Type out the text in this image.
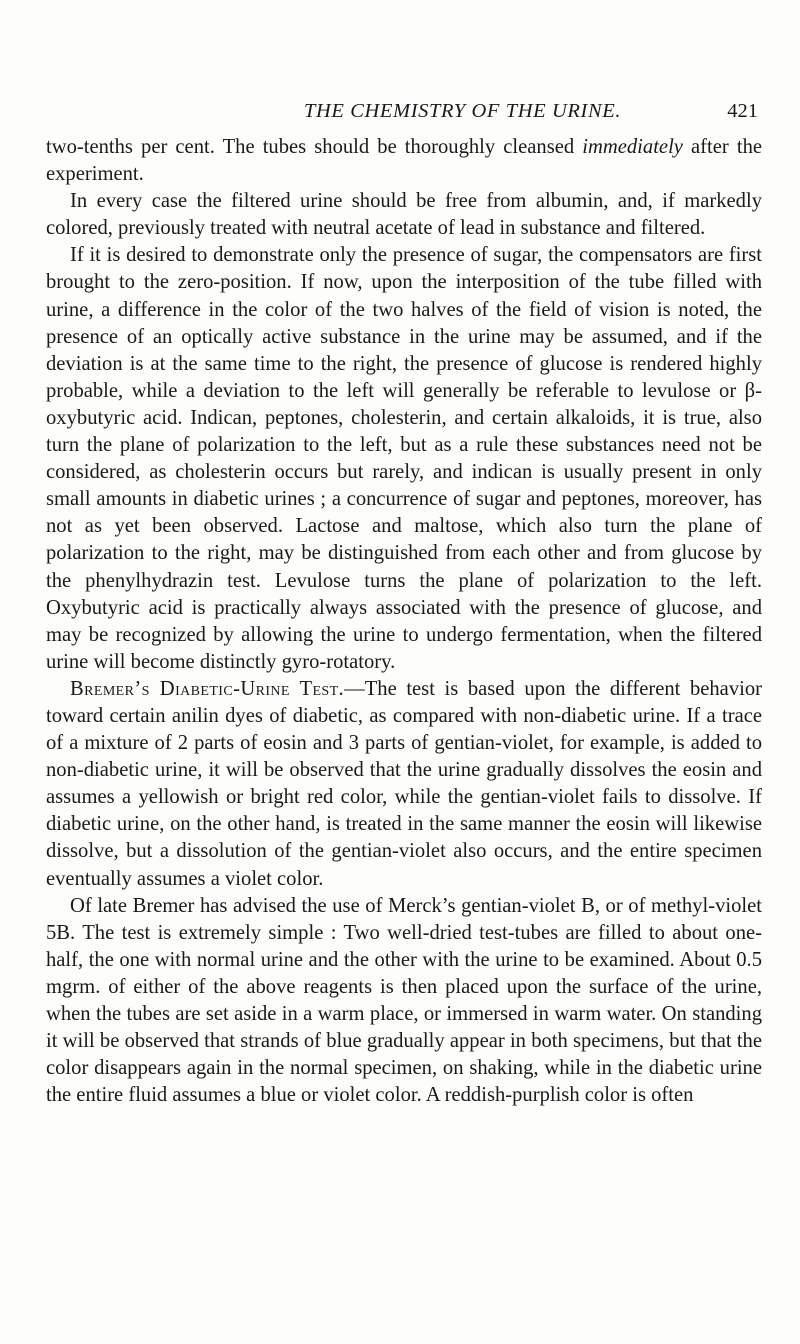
THE CHEMISTRY OF THE URINE.	421

two-tenths per cent. The tubes should be thoroughly cleansed immediately after the experiment.

In every case the filtered urine should be free from albumin, and, if markedly colored, previously treated with neutral acetate of lead in substance and filtered.

If it is desired to demonstrate only the presence of sugar, the compensators are first brought to the zero-position. If now, upon the interposition of the tube filled with urine, a difference in the color of the two halves of the field of vision is noted, the presence of an optically active substance in the urine may be assumed, and if the deviation is at the same time to the right, the presence of glucose is rendered highly probable, while a deviation to the left will generally be referable to levulose or β-oxybutyric acid. Indican, peptones, cholesterin, and certain alkaloids, it is true, also turn the plane of polarization to the left, but as a rule these substances need not be considered, as cholesterin occurs but rarely, and indican is usually present in only small amounts in diabetic urines ; a concurrence of sugar and peptones, moreover, has not as yet been observed. Lactose and maltose, which also turn the plane of polarization to the right, may be distinguished from each other and from glucose by the phenylhydrazin test. Levulose turns the plane of polarization to the left. Oxybutyric acid is practically always associated with the presence of glucose, and may be recognized by allowing the urine to undergo fermentation, when the filtered urine will become distinctly gyro-rotatory.

Bremer’s Diabetic-Urine Test.—The test is based upon the different behavior toward certain anilin dyes of diabetic, as compared with non-diabetic urine. If a trace of a mixture of 2 parts of eosin and 3 parts of gentian-violet, for example, is added to non-diabetic urine, it will be observed that the urine gradually dissolves the eosin and assumes a yellowish or bright red color, while the gentian-violet fails to dissolve. If diabetic urine, on the other hand, is treated in the same manner the eosin will likewise dissolve, but a dissolution of the gentian-violet also occurs, and the entire specimen eventually assumes a violet color.

Of late Bremer has advised the use of Merck’s gentian-violet B, or of methyl-violet 5B. The test is extremely simple : Two well-dried test-tubes are filled to about one-half, the one with normal urine and the other with the urine to be examined. About 0.5 mgrm. of either of the above reagents is then placed upon the surface of the urine, when the tubes are set aside in a warm place, or immersed in warm water. On standing it will be observed that strands of blue gradually appear in both specimens, but that the color disappears again in the normal specimen, on shaking, while in the diabetic urine the entire fluid assumes a blue or violet color. A reddish-purplish color is often
